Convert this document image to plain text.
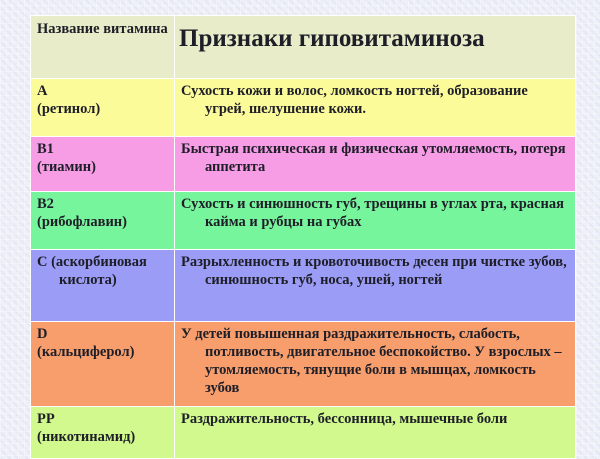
Название витамина	Признаки гиповитаминоза
А
(ретинол)	Сухость кожи и волос, ломкость ногтей, образование угрей, шелушение кожи.

В1
(тиамин)	Быстрая психическая и физическая утомляемость, потеря аппетита

В2
(рибофлавин)	Сухость и синюшность губ, трещины в углах рта, красная кайма и рубцы на губах

С (аскорбиновая
кислота)	Разрыхленность и кровоточивость десен при чистке зубов, синюшность губ, носа, ушей, ногтей

D
(кальциферол)	У детей повышенная раздражительность, слабость, потливость, двигательное беспокойство. У взрослых – утомляемость, тянущие боли в мышцах, ломкость зубов

РР
(никотинамид)	Раздражительность, бессонница, мышечные боли
